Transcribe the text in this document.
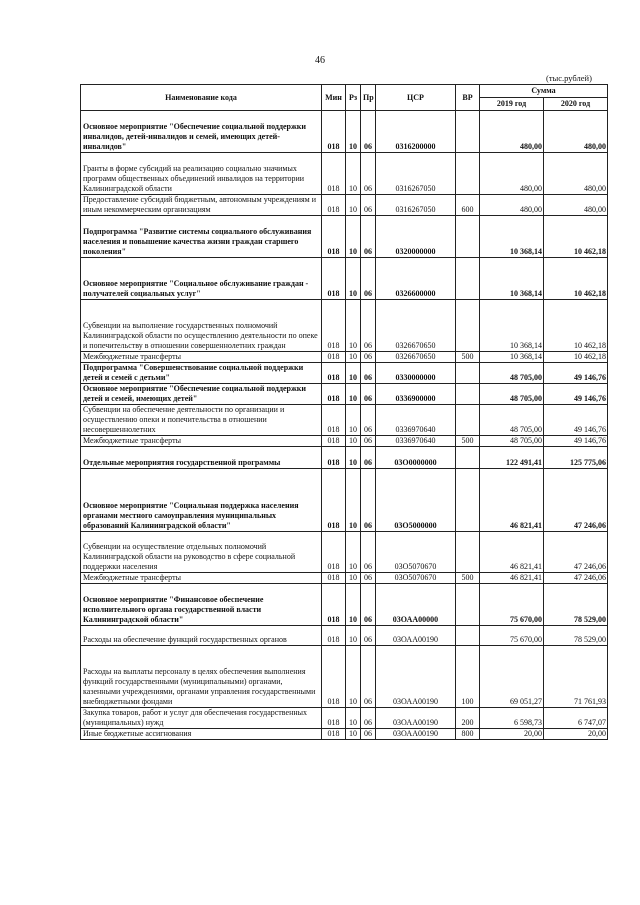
46
(тыс.рублей)
Наименование кода	Мин	Рз	Пр	ЦСР	ВР	Сумма	
						2019 год	2020 год
Основное мероприятие "Обеспечение социальной поддержки инвалидов, детей-инвалидов и семей, имеющих детей-инвалидов"	018	10	06	0316200000		480,00	480,00
Гранты в форме субсидий на реализацию социально значимых программ общественных объединений инвалидов на территории Калининградской области	018	10	06	0316267050		480,00	480,00
Предоставление субсидий бюджетным, автономным учреждениям и иным некоммерческим организациям	018	10	06	0316267050	600	480,00	480,00
Подпрограмма "Развитие системы социального обслуживания населения и повышение качества жизни граждан старшего поколения"	018	10	06	0320000000		10 368,14	10 462,18
Основное мероприятие "Социальное обслуживание граждан - получателей социальных услуг"	018	10	06	0326600000		10 368,14	10 462,18
Субвенции на выполнение государственных полномочий Калининградской области по осуществлению деятельности по опеке и попечительству в отношении совершеннолетних граждан	018	10	06	0326670650		10 368,14	10 462,18
Межбюджетные трансферты	018	10	06	0326670650	500	10 368,14	10 462,18
Подпрограмма "Совершенствование социальной поддержки детей и семей с детьми"	018	10	06	0330000000		48 705,00	49 146,76
Основное мероприятие "Обеспечение социальной поддержки детей и семей, имеющих детей"	018	10	06	0336900000		48 705,00	49 146,76
Субвенции на обеспечение деятельности по организации и осуществлению опеки и попечительства в отношении несовершеннолетних	018	10	06	0336970640		48 705,00	49 146,76
Межбюджетные трансферты	018	10	06	0336970640	500	48 705,00	49 146,76
Отдельные мероприятия государственной программы	018	10	06	03О0000000		122 491,41	125 775,06
Основное мероприятие "Социальная поддержка населения органами местного самоуправления муниципальных образований Калининградской области"	018	10	06	03О5000000		46 821,41	47 246,06
Субвенции на осуществление отдельных полномочий Калининградской области на руководство в сфере социальной поддержки населения	018	10	06	03О5070670		46 821,41	47 246,06
Межбюджетные трансферты	018	10	06	03О5070670	500	46 821,41	47 246,06
Основное мероприятие "Финансовое обеспечение исполнительного органа государственной власти Калининградской области"	018	10	06	03ОАА00000		75 670,00	78 529,00
Расходы на обеспечение функций государственных органов	018	10	06	03ОАА00190		75 670,00	78 529,00
Расходы на выплаты персоналу в целях обеспечения выполнения функций государственными (муниципальными) органами, казенными учреждениями, органами управления государственными внебюджетными фондами	018	10	06	03ОАА00190	100	69 051,27	71 761,93
Закупка товаров, работ и услуг для обеспечения государственных (муниципальных) нужд	018	10	06	03ОАА00190	200	6 598,73	6 747,07
Иные бюджетные ассигнования	018	10	06	03ОАА00190	800	20,00	20,00
